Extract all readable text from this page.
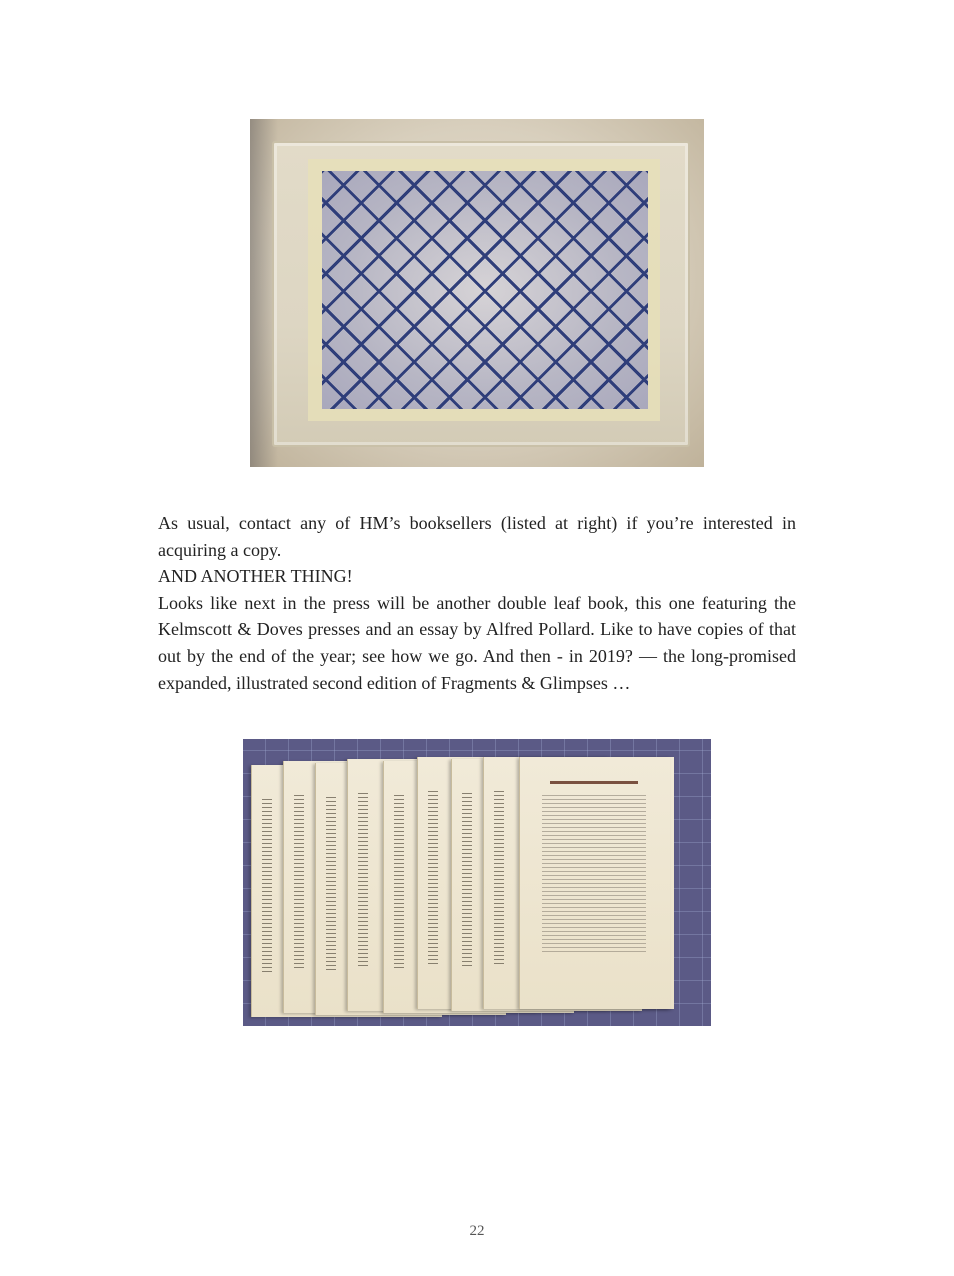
As usual, contact any of HM’s booksellers (listed at right) if you’re interested in acquiring a copy.

AND ANOTHER THING!

Looks like next in the press will be another double leaf book, this one featuring the Kelmscott & Doves presses and an essay by Alfred Pollard. Like to have copies of that out by the end of the year; see how we go. And then - in 2019? — the long-promised expanded, illustrated second edition of Fragments & Glimpses …

22
